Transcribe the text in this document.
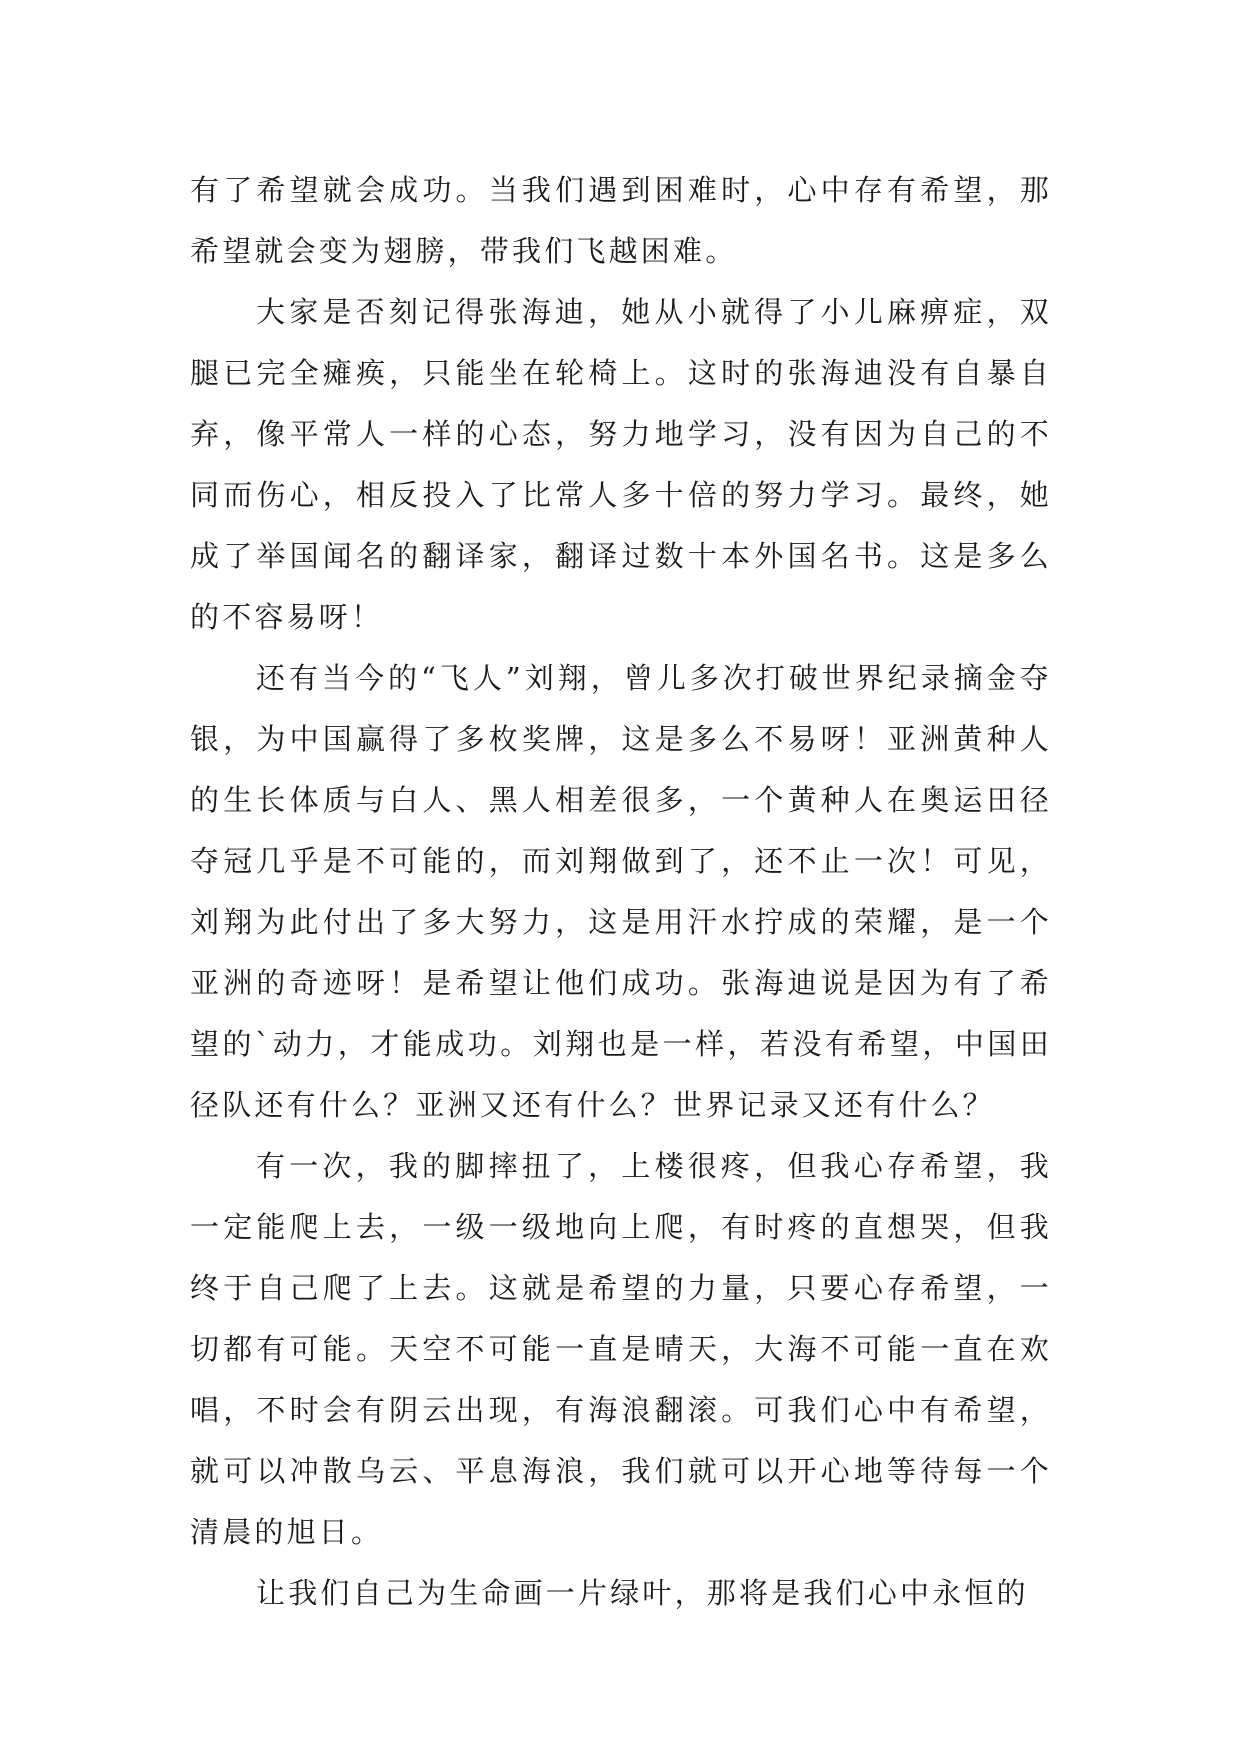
有了希望就会成功。当我们遇到困难时，心中存有希望，那希望就会变为翅膀，带我们飞越困难。

大家是否刻记得张海迪，她从小就得了小儿麻痹症，双腿已完全瘫痪，只能坐在轮椅上。这时的张海迪没有自暴自弃，像平常人一样的心态，努力地学习，没有因为自己的不同而伤心，相反投入了比常人多十倍的努力学习。最终，她成了举国闻名的翻译家，翻译过数十本外国名书。这是多么的不容易呀！

还有当今的“飞人”刘翔，曾儿多次打破世界纪录摘金夺银，为中国赢得了多枚奖牌，这是多么不易呀！亚洲黄种人的生长体质与白人、黑人相差很多，一个黄种人在奥运田径夺冠几乎是不可能的，而刘翔做到了，还不止一次！可见，刘翔为此付出了多大努力，这是用汗水拧成的荣耀，是一个亚洲的奇迹呀！是希望让他们成功。张海迪说是因为有了希望的`动力，才能成功。刘翔也是一样，若没有希望，中国田径队还有什么？亚洲又还有什么？世界记录又还有什么？

有一次，我的脚摔扭了，上楼很疼，但我心存希望，我一定能爬上去，一级一级地向上爬，有时疼的直想哭，但我终于自己爬了上去。这就是希望的力量，只要心存希望，一切都有可能。天空不可能一直是晴天，大海不可能一直在欢唱，不时会有阴云出现，有海浪翻滚。可我们心中有希望，就可以冲散乌云、平息海浪，我们就可以开心地等待每一个清晨的旭日。

让我们自己为生命画一片绿叶，那将是我们心中永恒的
